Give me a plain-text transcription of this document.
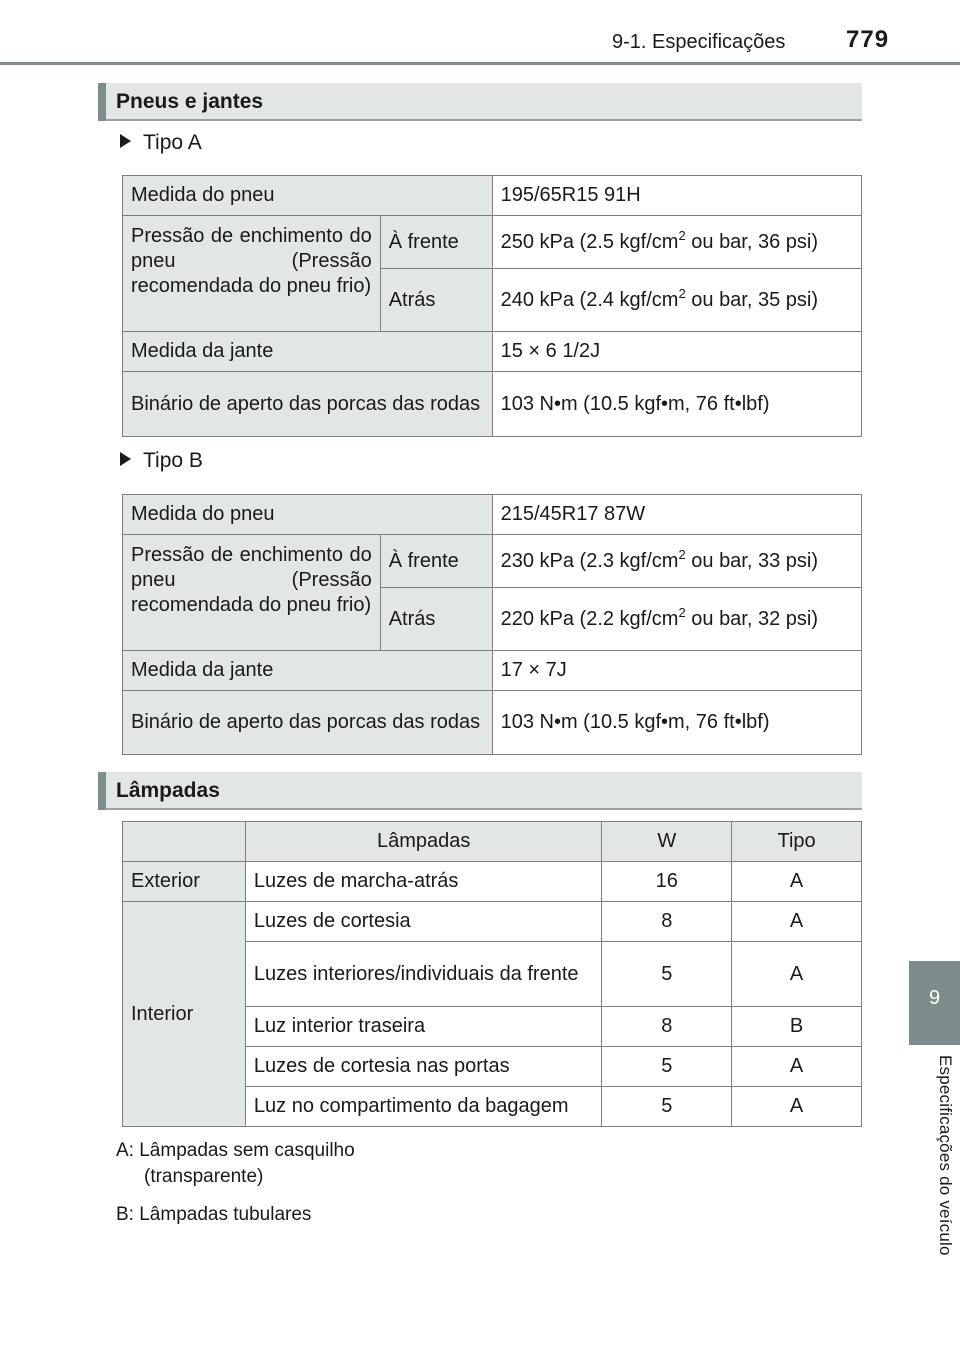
9-1. Especificações	779
9
Especificações do veículo
Pneus e jantes
Tipo A
Medida do pneu		195/65R15 91H
Pressão de enchimento do pneu (Pressão recomendada do pneu frio)	À frente	250 kPa (2.5 kgf/$cm^2$ ou bar, 36 psi)
	Atrás	240 kPa (2.4 kgf/$cm^2$ ou bar, 35 psi)
Medida da jante		15 × 6 1/2J
Binário de aperto das porcas das rodas		103 N•m (10.5 kgf•m, 76 ft•lbf)
Tipo B
Medida do pneu		215/45R17 87W
Pressão de enchimento do pneu (Pressão recomendada do pneu frio)	À frente	230 kPa (2.3 kgf/$cm^2$ ou bar, 33 psi)
	Atrás	220 kPa (2.2 kgf/$cm^2$ ou bar, 32 psi)
Medida da jante		17 × 7J
Binário de aperto das porcas das rodas		103 N•m (10.5 kgf•m, 76 ft•lbf)
Lâmpadas
	Lâmpadas	W	Tipo
Exterior	Luzes de marcha-atrás	16	A
Interior	Luzes de cortesia	8	A
	Luzes interiores/individuais da frente	5	A
	Luz interior traseira	8	B
	Luzes de cortesia nas portas	5	A
	Luz no compartimento da bagagem	5	A
A: Lâmpadas sem casquilho
(transparente)
B: Lâmpadas tubulares
